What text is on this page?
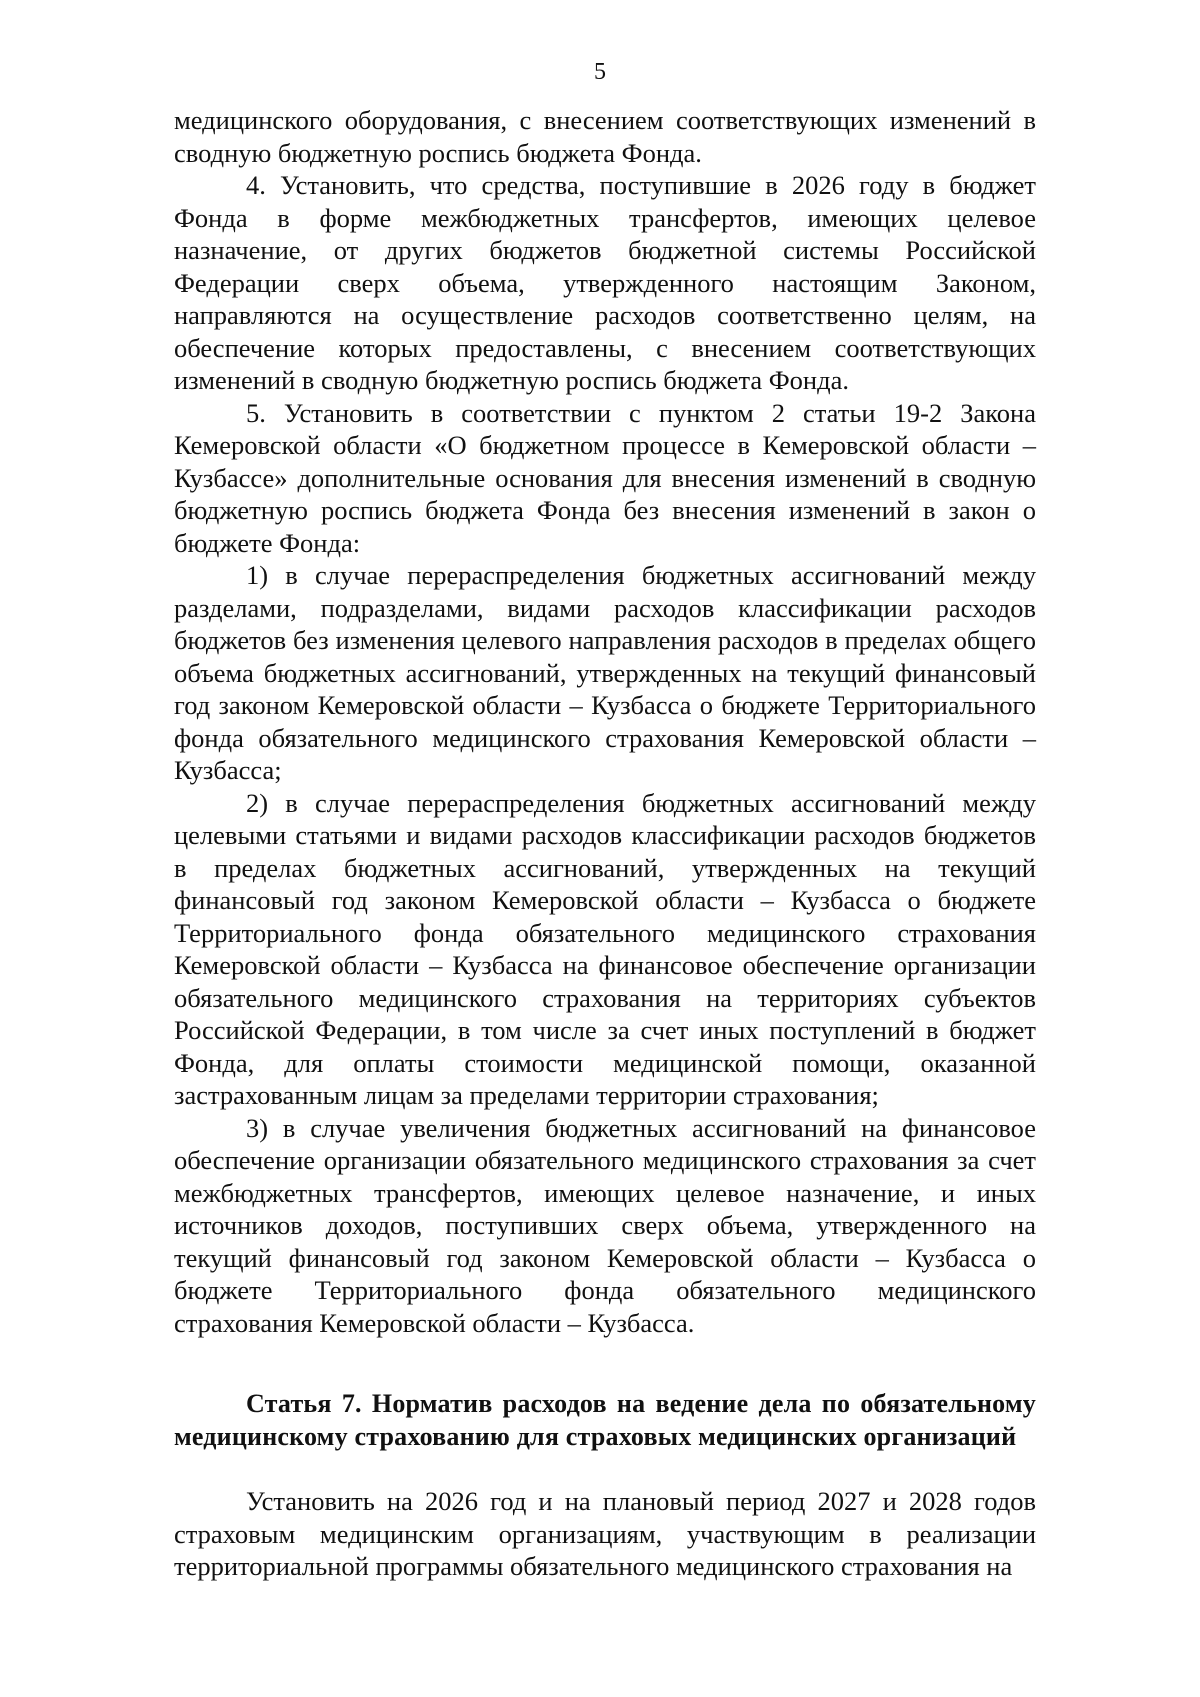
5

медицинского оборудования, с внесением соответствующих изменений в сводную бюджетную роспись бюджета Фонда.

4. Установить, что средства, поступившие в 2026 году в бюджет Фонда в форме межбюджетных трансфертов, имеющих целевое назначение, от других бюджетов бюджетной системы Российской Федерации сверх объема, утвержденного настоящим Законом, направляются на осуществление расходов соответственно целям, на обеспечение которых предоставлены, с внесением соответствующих изменений в сводную бюджетную роспись бюджета Фонда.

5. Установить в соответствии с пунктом 2 статьи 19-2 Закона Кемеровской области «О бюджетном процессе в Кемеровской области – Кузбассе» дополнительные основания для внесения изменений в сводную бюджетную роспись бюджета Фонда без внесения изменений в закон о бюджете Фонда:

1) в случае перераспределения бюджетных ассигнований между разделами, подразделами, видами расходов классификации расходов бюджетов без изменения целевого направления расходов в пределах общего объема бюджетных ассигнований, утвержденных на текущий финансовый год законом Кемеровской области – Кузбасса о бюджете Территориального фонда обязательного медицинского страхования Кемеровской области – Кузбасса;

2) в случае перераспределения бюджетных ассигнований между целевыми статьями и видами расходов классификации расходов бюджетов в пределах бюджетных ассигнований, утвержденных на текущий финансовый год законом Кемеровской области – Кузбасса о бюджете Территориального фонда обязательного медицинского страхования Кемеровской области – Кузбасса на финансовое обеспечение организации обязательного медицинского страхования на территориях субъектов Российской Федерации, в том числе за счет иных поступлений в бюджет Фонда, для оплаты стоимости медицинской помощи, оказанной застрахованным лицам за пределами территории страхования;

3) в случае увеличения бюджетных ассигнований на финансовое обеспечение организации обязательного медицинского страхования за счет межбюджетных трансфертов, имеющих целевое назначение, и иных источников доходов, поступивших сверх объема, утвержденного на текущий финансовый год законом Кемеровской области – Кузбасса о бюджете Территориального фонда обязательного медицинского страхования Кемеровской области – Кузбасса.

Статья 7. Норматив расходов на ведение дела по обязательному медицинскому страхованию для страховых медицинских организаций

Установить на 2026 год и на плановый период 2027 и 2028 годов страховым медицинским организациям, участвующим в реализации территориальной программы обязательного медицинского страхования на
